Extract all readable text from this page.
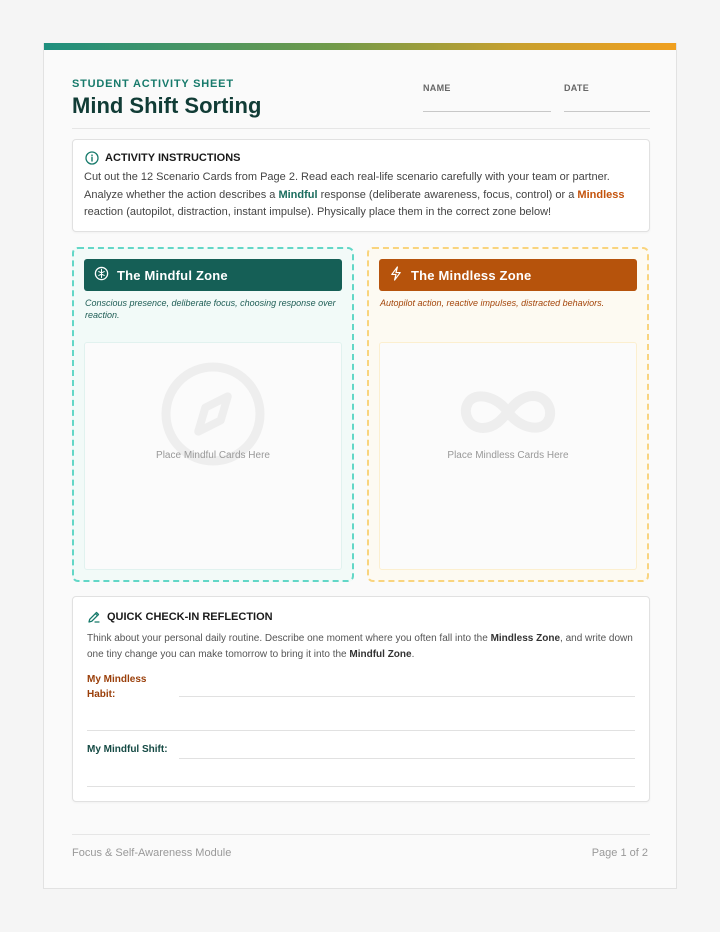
STUDENT ACTIVITY SHEET
Mind Shift Sorting
NAME	DATE
ACTIVITY INSTRUCTIONS
Cut out the 12 Scenario Cards from Page 2. Read each real-life scenario carefully with your team or partner. Analyze whether the action describes a Mindful response (deliberate awareness, focus, control) or a Mindless reaction (autopilot, distraction, instant impulse). Physically place them in the correct zone below!
The Mindful Zone
Conscious presence, deliberate focus, choosing response over reaction.
Place Mindful Cards Here
The Mindless Zone
Autopilot action, reactive impulses, distracted behaviors.
Place Mindless Cards Here
QUICK CHECK-IN REFLECTION
Think about your personal daily routine. Describe one moment where you often fall into the Mindless Zone, and write down one tiny change you can make tomorrow to bring it into the Mindful Zone.
My Mindless Habit:
My Mindful Shift:
Focus & Self-Awareness Module	Page 1 of 2
